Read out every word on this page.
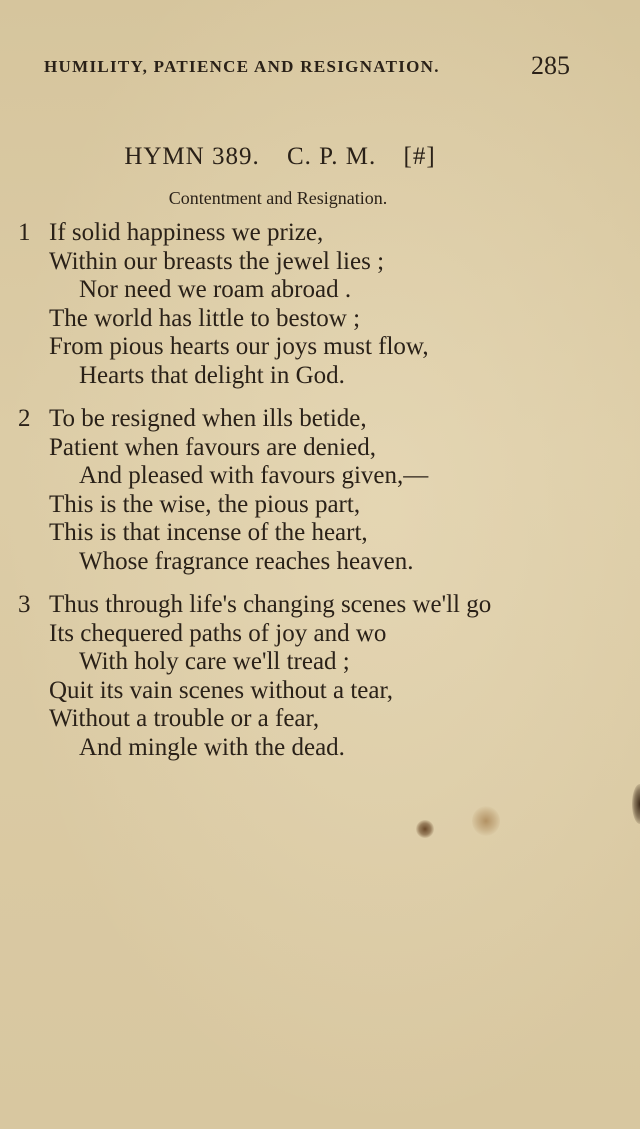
HUMILITY, PATIENCE AND RESIGNATION.	285
HYMN 389. C. P. M. [#]
Contentment and Resignation.
1 If solid happiness we prize,
Within our breasts the jewel lies ;
Nor need we roam abroad .
The world has little to bestow ;
From pious hearts our joys must flow,
Hearts that delight in God.
2 To be resigned when ills betide,
Patient when favours are denied,
And pleased with favours given,—
This is the wise, the pious part,
This is that incense of the heart,
Whose fragrance reaches heaven.
3 Thus through life's changing scenes we'll go
Its chequered paths of joy and wo
With holy care we'll tread ;
Quit its vain scenes without a tear,
Without a trouble or a fear,
And mingle with the dead.
